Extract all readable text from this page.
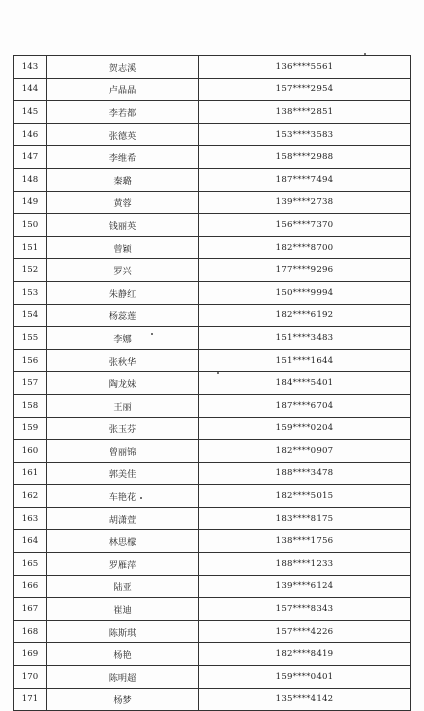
143	贺志溪	136****5561
144	卢晶晶	157****2954
145	李若都	138****2851
146	张德英	153****3583
147	李维希	158****2988
148	秦璐	187****7494
149	黄蓉	139****2738
150	钱丽英	156****7370
151	曾颖	182****8700
152	罗兴	177****9296
153	朱静红	150****9994
154	杨蕊莲	182****6192
155	李娜	151****3483
156	张秋华	151****1644
157	陶龙妹	184****5401
158	王丽	187****6704
159	张玉芬	159****0204
160	曾丽锦	182****0907
161	郭美佳	188****3478
162	车艳花	182****5015
163	胡潇萱	183****8175
164	林思檬	138****1756
165	罗雁萍	188****1233
166	陆亚	139****6124
167	崔迪	157****8343
168	陈斯琪	157****4226
169	杨艳	182****8419
170	陈明超	159****0401
171	杨梦	135****4142
